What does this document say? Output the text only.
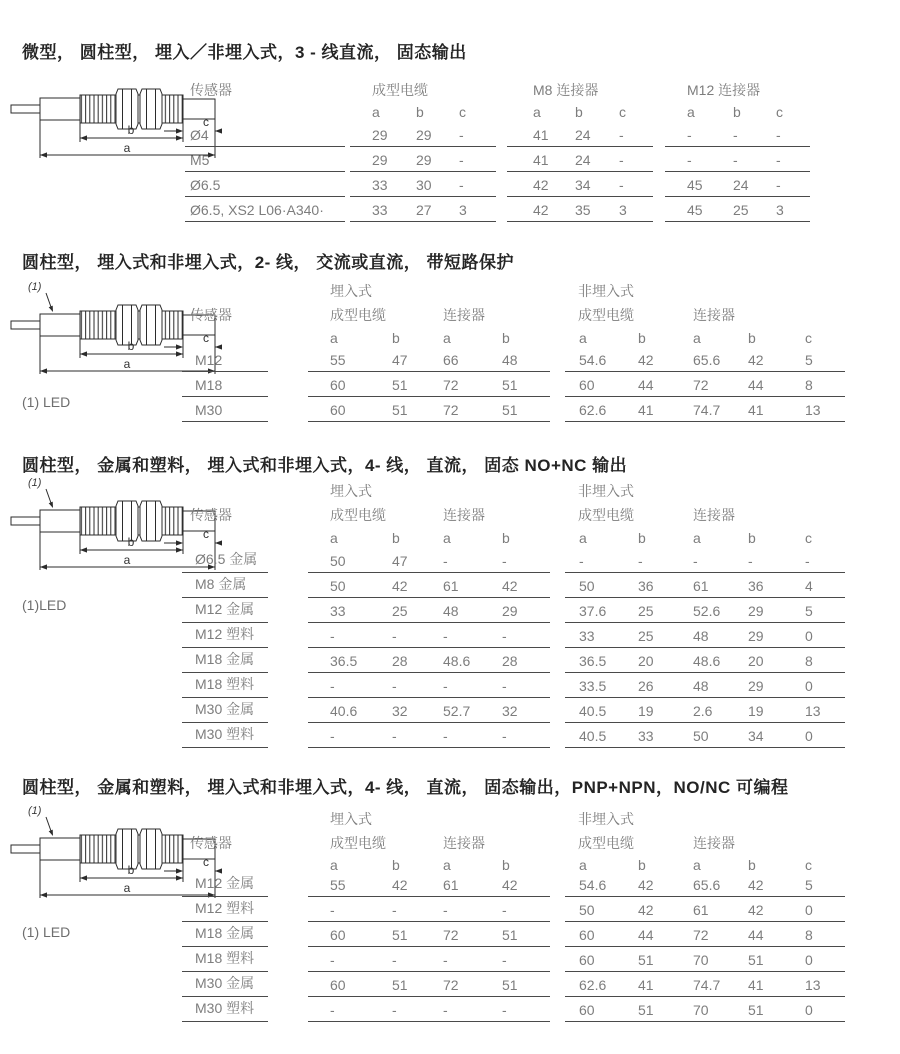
微型， 圆柱型， 埋入／非埋入式，3 - 线直流， 固态输出
传感器	成型电缆	M8 连接器	M12 连接器
a	b	c	a b	c	a	b	c
Ø4	29 29 -	41 24 -	-	-	-
M5	29 29 -	41 24 -	-	-	-
Ø6.5	33 30 -	42 34 -	45 24 -
Ø6.5, XS2 L06·A340·	33 27 3	42 35 3	45 25 3
圆柱型， 埋入式和非埋入式，2- 线， 交流或直流， 带短路保护
(1)
(1) LED
埋入式	非埋入式
传感器	成型电缆	连接器	成型电缆	连接器
a	b	a	b	a	b	a	b	c
M12	55	47	66	48	54.6 42	65.6 42	5
M18	60	51	72	51	60	44	72	44	8
M30	60	51	72	51	62.6 41	74.7 41	13
圆柱型， 金属和塑料， 埋入式和非埋入式，4- 线， 直流， 固态 NO+NC 输出
(1)
(1)LED
埋入式	非埋入式
传感器	成型电缆	连接器	成型电缆	连接器
a	b	a	b	a	b	a	b	c
Ø6.5 金属	50	47	-	-	-	-	-	-	-
M8 金属	50	42	61	42	50	36	61	36	4
M12 金属	33	25	48	29	37.6 25	52.6 29	5
M12 塑料	-	-	-	-	33	25	48	29	0
M18 金属	36.5 28	48.6 28	36.5 20	48.6 20	8
M18 塑料	-	-	-	-	33.5 26	48	29	0
M30 金属	40.6 32	52.7 32	40.5 19	2.6	19	13
M30 塑料	-	-	-	-	40.5 33	50	34	0
圆柱型， 金属和塑料， 埋入式和非埋入式，4- 线， 直流， 固态输出，PNP+NPN，NO/NC 可编程
(1)
(1) LED
埋入式	非埋入式
传感器	成型电缆	连接器	成型电缆	连接器
a	b	a	b	a	b	a	b	c
M12 金属	55	42	61	42	54.6 42	65.6 42	5
M12 塑料	-	-	-	-	50	42	61	42	0
M18 金属	60	51	72	51	60	44	72	44	8
M18 塑料	-	-	-	-	60	51	70	51	0
M30 金属	60	51	72	51	62.6 41	74.7 41	13
M30 塑料	-	-	-	-	60	51	70	51	0
